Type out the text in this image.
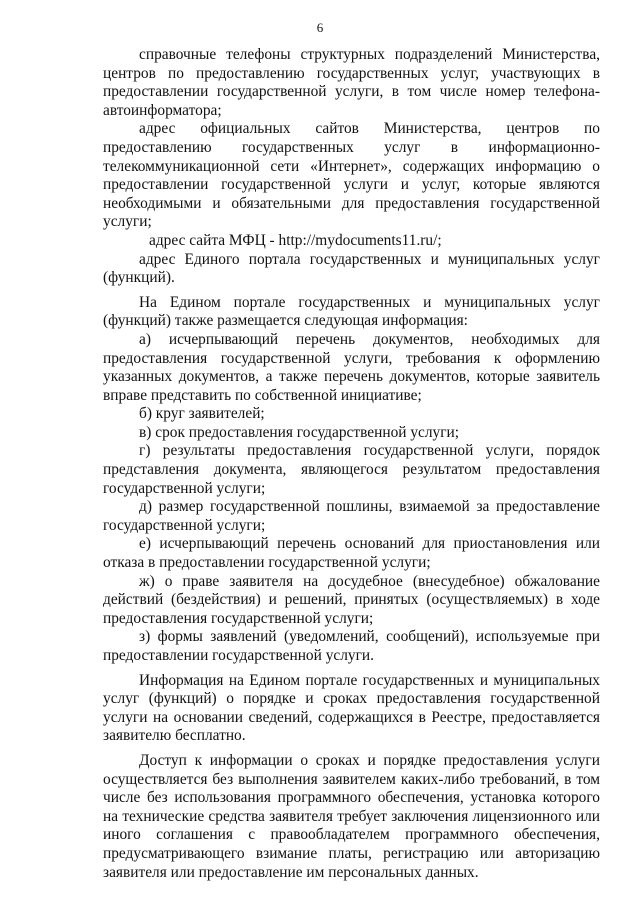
6

справочные телефоны структурных подразделений Министерства, центров по предоставлению государственных услуг, участвующих в предоставлении государственной услуги, в том числе номер телефона-автоинформатора;

адрес официальных сайтов Министерства, центров по предоставлению государственных услуг в информационно-телекоммуникационной сети «Интернет», содержащих информацию о предоставлении государственной услуги и услуг, которые являются необходимыми и обязательными для предоставления государственной услуги;

адрес сайта МФЦ - http://mydocuments11.ru/;

адрес Единого портала государственных и муниципальных услуг (функций).

На Едином портале государственных и муниципальных услуг (функций) также размещается следующая информация:

а) исчерпывающий перечень документов, необходимых для предоставления государственной услуги, требования к оформлению указанных документов, а также перечень документов, которые заявитель вправе представить по собственной инициативе;

б) круг заявителей;

в) срок предоставления государственной услуги;

г) результаты предоставления государственной услуги, порядок представления документа, являющегося результатом предоставления государственной услуги;

д) размер государственной пошлины, взимаемой за предоставление государственной услуги;

е) исчерпывающий перечень оснований для приостановления или отказа в предоставлении государственной услуги;

ж) о праве заявителя на досудебное (внесудебное) обжалование действий (бездействия) и решений, принятых (осуществляемых) в ходе предоставления государственной услуги;

з) формы заявлений (уведомлений, сообщений), используемые при предоставлении государственной услуги.

Информация на Едином портале государственных и муниципальных услуг (функций) о порядке и сроках предоставления государственной услуги на основании сведений, содержащихся в Реестре, предоставляется заявителю бесплатно.

Доступ к информации о сроках и порядке предоставления услуги осуществляется без выполнения заявителем каких-либо требований, в том числе без использования программного обеспечения, установка которого на технические средства заявителя требует заключения лицензионного или иного соглашения с правообладателем программного обеспечения, предусматривающего взимание платы, регистрацию или авторизацию заявителя или предоставление им персональных данных.
